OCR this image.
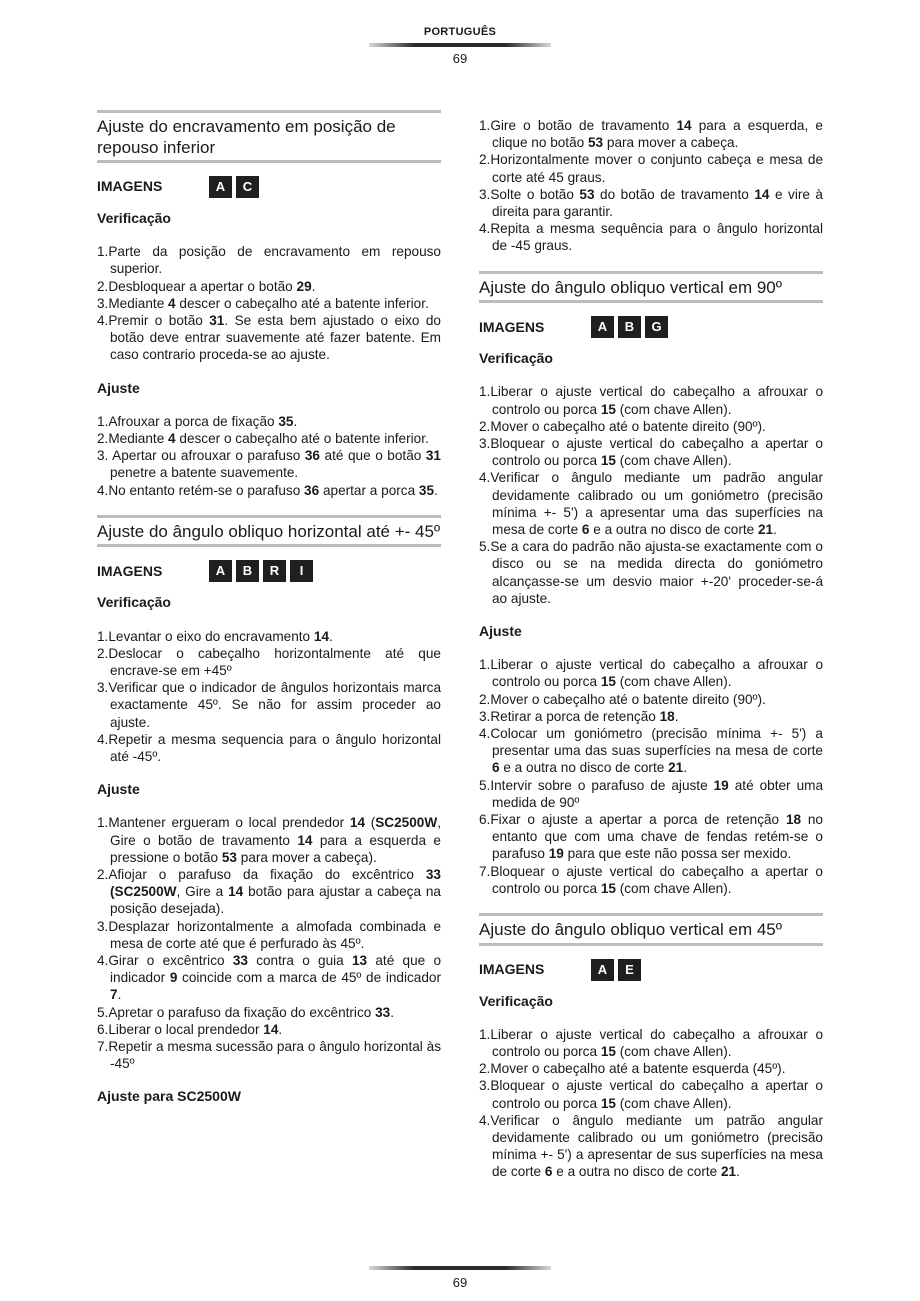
PORTUGUÊS
69
Ajuste do encravamento em posição de repouso inferior
IMAGENS	A C
Verificação
1.Parte da posição de encravamento em repouso superior.
2.Desbloquear a apertar o botão 29.
3.Mediante 4 descer o cabeçalho até a batente inferior.
4.Premir o botão 31. Se esta bem ajustado o eixo do botão deve entrar suavemente até fazer batente. Em caso contrario proceda-se ao ajuste.
Ajuste
1.Afrouxar a porca de fixação 35.
2.Mediante 4 descer o cabeçalho até o batente inferior.
3. Apertar ou afrouxar o parafuso 36 até que o botão 31 penetre a batente suavemente.
4.No entanto retém-se o parafuso 36 apertar a porca 35.
Ajuste do ângulo obliquo horizontal até +- 45º
IMAGENS	A B R I
Verificação
1.Levantar o eixo do encravamento 14.
2.Deslocar o cabeçalho horizontalmente até que encrave-se em +45º
3.Verificar que o indicador de ângulos horizontais marca exactamente 45º. Se não for assim proceder ao ajuste.
4.Repetir a mesma sequencia para o ângulo horizontal até -45º.
Ajuste
1.Mantener ergueram o local prendedor 14 (SC2500W, Gire o botão de travamento 14 para a esquerda e pressione o botão 53 para mover a cabeça).
2.Afiojar o parafuso da fixação do excêntrico 33 (SC2500W, Gire a 14 botão para ajustar a cabeça na posição desejada).
3.Desplazar horizontalmente a almofada combinada e mesa de corte até que é perfurado às 45º.
4.Girar o excêntrico 33 contra o guia 13 até que o indicador 9 coincide com a marca de 45º de indicador 7.
5.Apretar o parafuso da fixação do excêntrico 33.
6.Liberar o local prendedor 14.
7.Repetir a mesma sucessão para o ângulo horizontal às -45º
Ajuste para SC2500W
1.Gire o botão de travamento 14 para a esquerda, e clique no botão 53 para mover a cabeça.
2.Horizontalmente mover o conjunto cabeça e mesa de corte até 45 graus.
3.Solte o botão 53 do botão de travamento 14 e vire à direita para garantir.
4.Repita a mesma sequência para o ângulo horizontal de -45 graus.
Ajuste do ângulo obliquo vertical em 90º
IMAGENS	A B G
Verificação
1.Liberar o ajuste vertical do cabeçalho a afrouxar o controlo ou porca 15 (com chave Allen).
2.Mover o cabeçalho até o batente direito (90º).
3.Bloquear o ajuste vertical do cabeçalho a apertar o controlo ou porca 15 (com chave Allen).
4.Verificar o ângulo mediante um padrão angular devidamente calibrado ou um goniómetro (precisão mínima +- 5') a apresentar uma das superfícies na mesa de corte 6 e a outra no disco de corte 21.
5.Se a cara do padrão não ajusta-se exactamente com o disco ou se na medida directa do goniómetro alcançasse-se um desvio maior +-20' proceder-se-á ao ajuste.
Ajuste
1.Liberar o ajuste vertical do cabeçalho a afrouxar o controlo ou porca 15 (com chave Allen).
2.Mover o cabeçalho até o batente direito (90º).
3.Retirar a porca de retenção 18.
4.Colocar um goniómetro (precisão mínima +- 5') a presentar uma das suas superfícies na mesa de corte 6 e a outra no disco de corte 21.
5.Intervir sobre o parafuso de ajuste 19 até obter uma medida de 90º
6.Fixar o ajuste a apertar a porca de retenção 18 no entanto que com uma chave de fendas retém-se o parafuso 19 para que este não possa ser mexido.
7.Bloquear o ajuste vertical do cabeçalho a apertar o controlo ou porca 15 (com chave Allen).
Ajuste do ângulo obliquo vertical em 45º
IMAGENS	A E
Verificação
1.Liberar o ajuste vertical do cabeçalho a afrouxar o controlo ou porca 15 (com chave Allen).
2.Mover o cabeçalho até a batente esquerda (45º).
3.Bloquear o ajuste vertical do cabeçalho a apertar o controlo ou porca 15 (com chave Allen).
4.Verificar o ângulo mediante um patrão angular devidamente calibrado ou um goniómetro (precisão mínima +- 5') a apresentar de sus superfícies na mesa de corte 6 e a outra no disco de corte 21.
69
